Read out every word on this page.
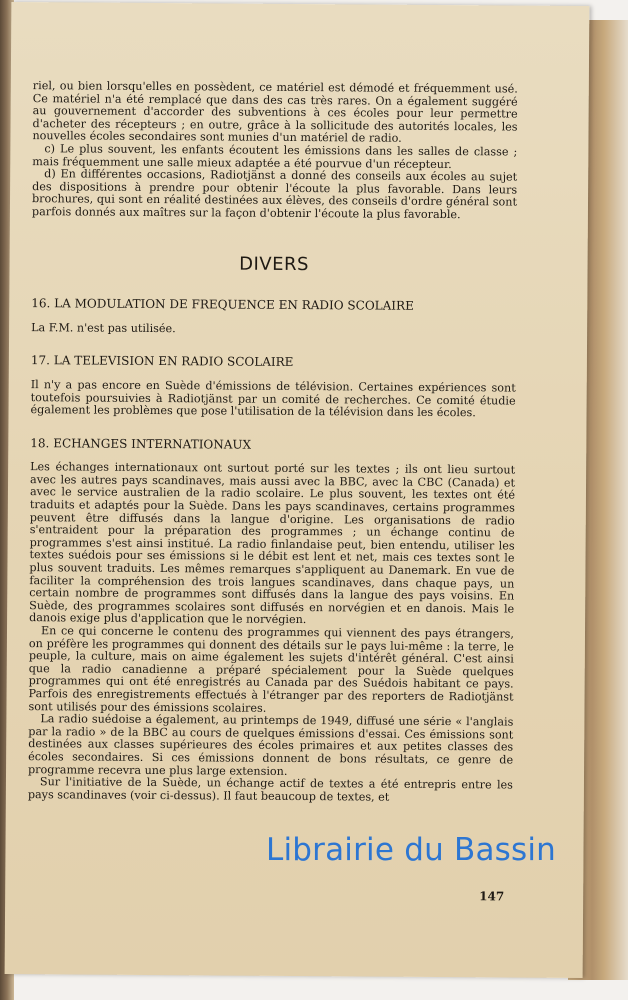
riel, ou bien lorsqu'elles en possèdent, ce matériel est démodé et fréquemment usé. Ce matériel n'a été remplacé que dans des cas très rares. On a également suggéré au gouvernement d'accorder des subventions à ces écoles pour leur permettre d'acheter des récepteurs ; en outre, grâce à la sollicitude des autorités locales, les nouvelles écoles secondaires sont munies d'un matériel de radio.

c) Le plus souvent, les enfants écoutent les émissions dans les salles de classe ; mais fréquemment une salle mieux adaptée a été pourvue d'un récepteur.

d) En différentes occasions, Radiotjänst a donné des conseils aux écoles au sujet des dispositions à prendre pour obtenir l'écoute la plus favorable. Dans leurs brochures, qui sont en réalité destinées aux élèves, des conseils d'ordre général sont parfois donnés aux maîtres sur la façon d'obtenir l'écoute la plus favorable.

DIVERS
16. LA MODULATION DE FREQUENCE EN RADIO SCOLAIRE

La F.M. n'est pas utilisée.

17. LA TELEVISION EN RADIO SCOLAIRE

Il n'y a pas encore en Suède d'émissions de télévision. Certaines expériences sont toutefois poursuivies à Radiotjänst par un comité de recherches. Ce comité étudie également les problèmes que pose l'utilisation de la télévision dans les écoles.

18. ECHANGES INTERNATIONAUX

Les échanges internationaux ont surtout porté sur les textes ; ils ont lieu surtout avec les autres pays scandinaves, mais aussi avec la BBC, avec la CBC (Canada) et avec le service australien de la radio scolaire. Le plus souvent, les textes ont été traduits et adaptés pour la Suède. Dans les pays scandinaves, certains programmes peuvent être diffusés dans la langue d'origine. Les organisations de radio s'entraident pour la préparation des programmes ; un échange continu de programmes s'est ainsi institué. La radio finlandaise peut, bien entendu, utiliser les textes suédois pour ses émissions si le débit est lent et net, mais ces textes sont le plus souvent traduits. Les mêmes remarques s'appliquent au Danemark. En vue de faciliter la compréhension des trois langues scandinaves, dans chaque pays, un certain nombre de programmes sont diffusés dans la langue des pays voisins. En Suède, des programmes scolaires sont diffusés en norvégien et en danois. Mais le danois exige plus d'application que le norvégien.

En ce qui concerne le contenu des programmes qui viennent des pays étrangers, on préfère les programmes qui donnent des détails sur le pays lui-même : la terre, le peuple, la culture, mais on aime également les sujets d'intérêt général. C'est ainsi que la radio canadienne a préparé spécialement pour la Suède quelques programmes qui ont été enregistrés au Canada par des Suédois habitant ce pays. Parfois des enregistrements effectués à l'étranger par des reporters de Radiotjänst sont utilisés pour des émissions scolaires.

La radio suédoise a également, au printemps de 1949, diffusé une série « l'anglais par la radio » de la BBC au cours de quelques émissions d'essai. Ces émissions sont destinées aux classes supérieures des écoles primaires et aux petites classes des écoles secondaires. Si ces émissions donnent de bons résultats, ce genre de programme recevra une plus large extension.

Sur l'initiative de la Suède, un échange actif de textes a été entrepris entre les pays scandinaves (voir ci-dessus). Il faut beaucoup de textes, et

147
Librairie du Bassin
